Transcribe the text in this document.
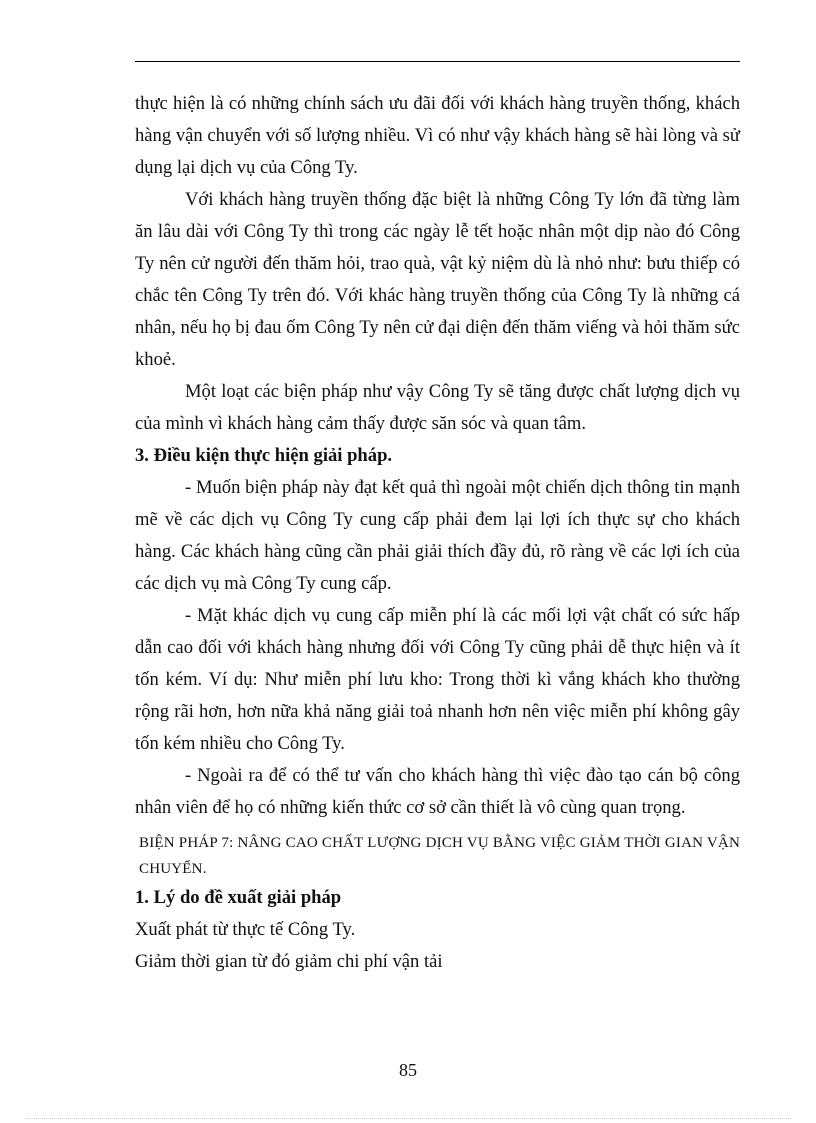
thực hiện là có những chính sách ưu đãi đối với khách hàng truyền thống, khách hàng vận chuyển với số lượng nhiều. Vì có như vậy khách hàng sẽ hài lòng và sử dụng lại dịch vụ của Công Ty.

Với khách hàng truyền thống đặc biệt là những Công Ty lớn đã từng làm ăn lâu dài với Công Ty thì trong các ngày lễ tết hoặc nhân một dịp nào đó Công Ty nên cử người đến thăm hỏi, trao quà, vật kỷ niệm dù là nhỏ như: bưu thiếp có chắc tên Công Ty trên đó. Với khác hàng truyền thống của Công Ty là những cá nhân, nếu họ bị đau ốm Công Ty nên cử đại diện đến thăm viếng và hỏi thăm sức khoẻ.

Một loạt các biện pháp như vậy Công Ty sẽ tăng được chất lượng dịch vụ của mình vì khách hàng cảm thấy được săn sóc và quan tâm.

3. Điều kiện thực hiện giải pháp.

- Muốn biện pháp này đạt kết quả thì ngoài một chiến dịch thông tin mạnh mẽ về các dịch vụ Công Ty cung cấp phải đem lại lợi ích thực sự cho khách hàng. Các khách hàng cũng cần phải giải thích đầy đủ, rõ ràng về các lợi ích của các dịch vụ mà Công Ty cung cấp.

- Mặt khác dịch vụ cung cấp miễn phí là các mối lợi vật chất có sức hấp dẫn cao đối với khách hàng nhưng đối với Công Ty cũng phải dễ thực hiện và ít tốn kém. Ví dụ: Như miễn phí lưu kho: Trong thời kì vắng khách kho thường rộng rãi hơn, hơn nữa khả năng giải toả nhanh hơn nên việc miễn phí không gây tốn kém nhiều cho Công Ty.

- Ngoài ra để có thể tư vấn cho khách hàng thì việc đào tạo cán bộ công nhân viên để họ có những kiến thức cơ sở cần thiết là vô cùng quan trọng.

BIỆN PHÁP 7: NÂNG CAO CHẤT LƯỢNG DỊCH VỤ BẰNG VIỆC GIẢM THỜI GIAN VẬN CHUYỂN.

1. Lý do đề xuất giải pháp

Xuất phát từ thực tế Công Ty.

Giảm thời gian từ đó giảm chi phí vận tải

85
